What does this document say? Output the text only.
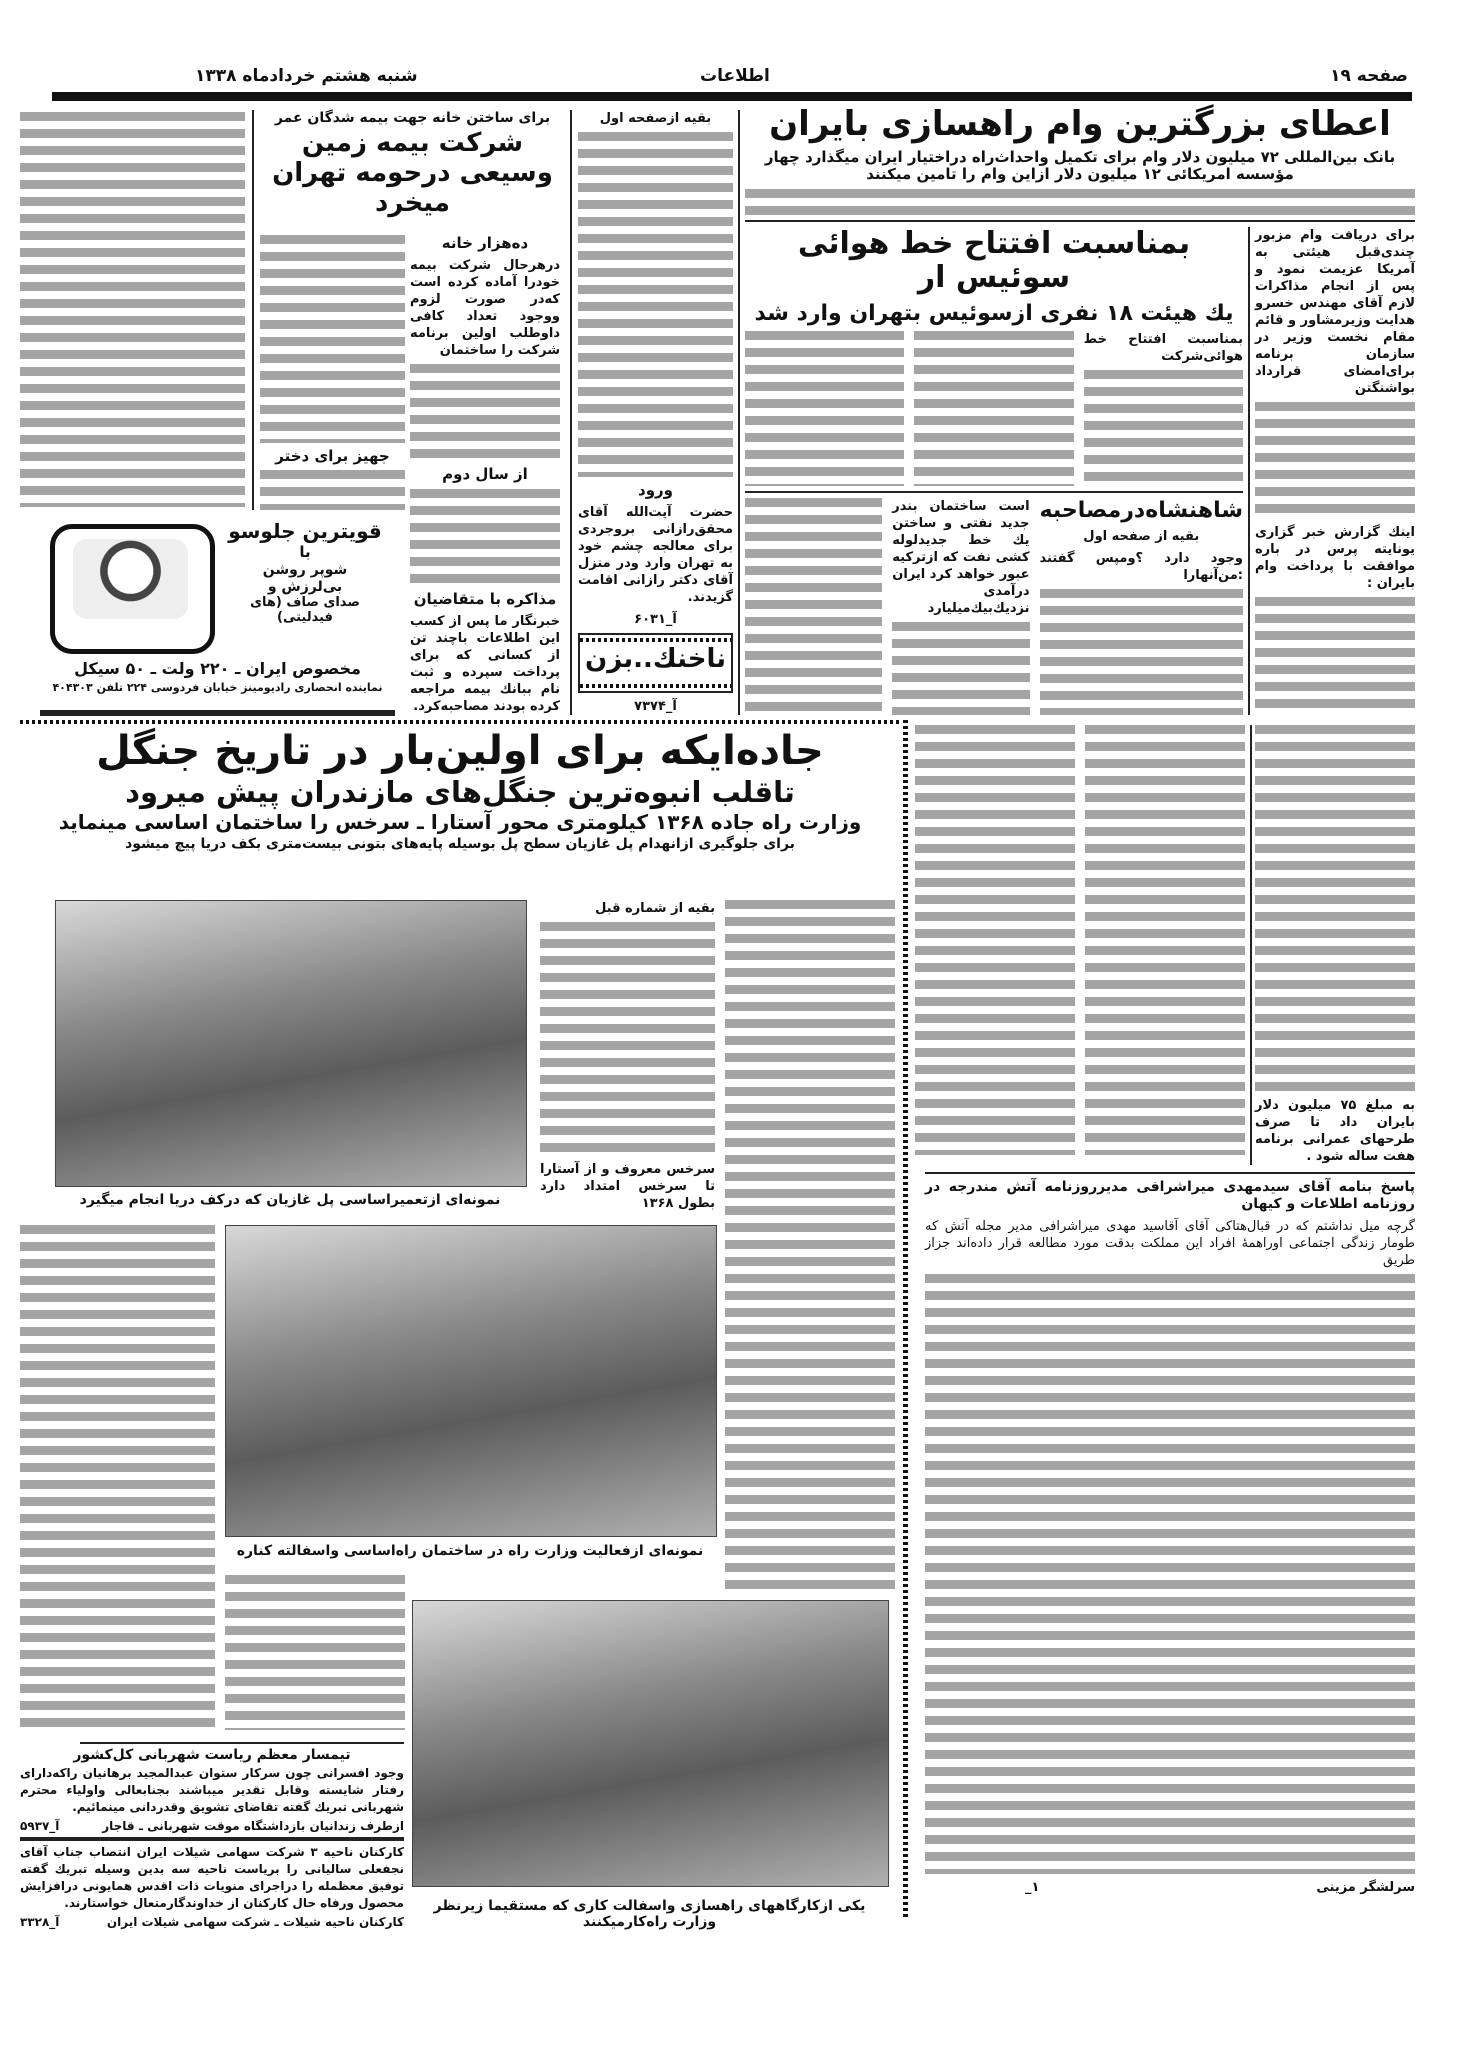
صفحه ۱۹
اطلاعات
شنبه هشتم خردادماه ۱۳۳۸
اعطای بزرگترین وام راهسازی بایران
بانک بین‌المللی ۷۲ میلیون دلار وام برای تکمیل واحداث‌راه دراختیار ایران میگذارد چهار مؤسسه امریکائی ۱۲ میلیون دلار ازاین وام را تامین میکنند
برای دریافت وام مزبور چندی‌قبل هیئتی به آمریکا عزیمت نمود و پس از انجام مذاکرات لازم آقای مهندس خسرو هدایت وزیرمشاور و قائم مقام نخست وزیر در سازمان برنامه برای‌امضای قرارداد بواشنگتن
اینك گزارش خبر گزاری یونایته پرس در باره موافقت با پرداخت وام بایران :
بمناسبت افتتاح خط هوائی سوئیس ار
یك هیئت ۱۸ نفری ازسوئیس بتهران وارد شد
بمناسبت افتتاح خط هوائی‌شرکت
شاهنشاه‌درمصاحبه
بقیه از صفحه اول
وجود دارد ؟ومپس گفتند :من‌آنهارا
است ساختمان بندر جدید نفتی و ساختن یك خط جدیدلوله کشی نفت که ازترکیه عبور خواهد کرد ایران درآمدی نزدیك‌بیك‌میلیارد
به مبلغ ۷۵ میلیون دلار بایران داد تا صرف طرحهای عمرانی برنامه هفت ساله شود .
بقیه ازصفحه اول
ورود
حضرت آیت‌الله آقای محقق‌رازانی بروجردی برای معالجه چشم خود به تهران وارد ودر منزل آقای دکتر رازانی اقامت گزیدند.
آ_۶۰۳۱
ناخنك..بزن
آ_۷۳۷۴
برای ساختن خانه جهت بیمه شدگان عمر
شرکت بیمه زمین وسیعی درحومه تهران میخرد
ده‌هزار خانه
درهرحال شرکت بیمه خودرا آماده کرده است که‌در صورت لزوم ووجود تعداد کافی داوطلب اولین برنامه شرکت را ساختمان
از سال دوم
مذاکره با متقاضیان
خبرنگار ما پس از کسب این اطلاعات باچند تن از کسانی که برای پرداخت سپرده و ثبت نام ببانك بیمه مراجعه کرده بودند مصاحبه‌کرد.
جهیز برای دختر
قویترین جلوسو
با
شوپر روشن
بی‌لرزش و
صدای صاف (های فیدلیتی)
مخصوص ایران ـ ۲۲۰ ولت ـ ۵۰ سیکل
نماینده انحصاری رادیومینز خیابان فردوسی ۲۲۴ تلفن ۴۰۴۳۰۳
جاده‌ایکه برای اولین‌بار در تاریخ جنگل
تاقلب انبوه‌ترین جنگل‌های مازندران پیش میرود
وزارت راه جاده ۱۳۶۸ کیلومتری محور آستارا ـ سرخس را ساختمان اساسی مینماید
برای جلوگیری ازانهدام پل غازیان سطح پل بوسیله پایه‌های بتونی بیست‌متری بکف دریا پیچ میشود
نمونه‌ای ازتعمیراساسی پل غازیان که درکف دریا انجام میگیرد
بقیه از شماره قبل
سرخس معروف و از آستارا تا سرخس امتداد دارد بطول ۱۳۶۸
نمونه‌ای ازفعالیت وزارت راه در ساختمان راه‌اساسی واسفالته کناره
یکی ازکارگاههای راهسازی واسفالت کاری که مستقیما زیرنظر وزارت راه‌کارمیکنند
تیمسار معظم ریاست شهربانی کل‌کشور
وجود افسرانی چون سرکار ستوان عبدالمجید برهانیان راکه‌دارای رفتار شایسته وقابل تقدیر میباشند بجنابعالی واولیاء محترم شهربانی تبریك گفته تقاضای تشویق وقدردانی مینمائیم.
ازطرف زندانیان بازداشتگاه موقت شهربانی ـ قاجار
آ_۵۹۳۷
کارکنان ناحیه ۳ شرکت سهامی شیلات ایران انتصاب جناب آقای نجفعلی سالیانی را بریاست ناحیه سه بدین وسیله تبریك گفته توفیق معظمله را دراجرای منویات ذات اقدس همایونی درافزایش محصول ورفاه حال کارکنان از خداوندگارمتعال خواستارند.
کارکنان ناحیه شیلات ـ شرکت سهامی شیلات ایران
آ_۳۳۲۸
پاسخ بنامه آقای سیدمهدی میراشرافی مدیرروزنامه آتش مندرجه در روزنامه اطلاعات و کیهان
گرچه میل نداشتم که در قبال‌هتاکی آقای آقاسید مهدی میراشرافی مدیر مجله آتش که طومار زندگی اجتماعی اوراهمهٔ افراد این مملکت بدقت مورد مطالعه قرار داده‌اند جزاز طریق
سرلشگر مزینی
۱_
